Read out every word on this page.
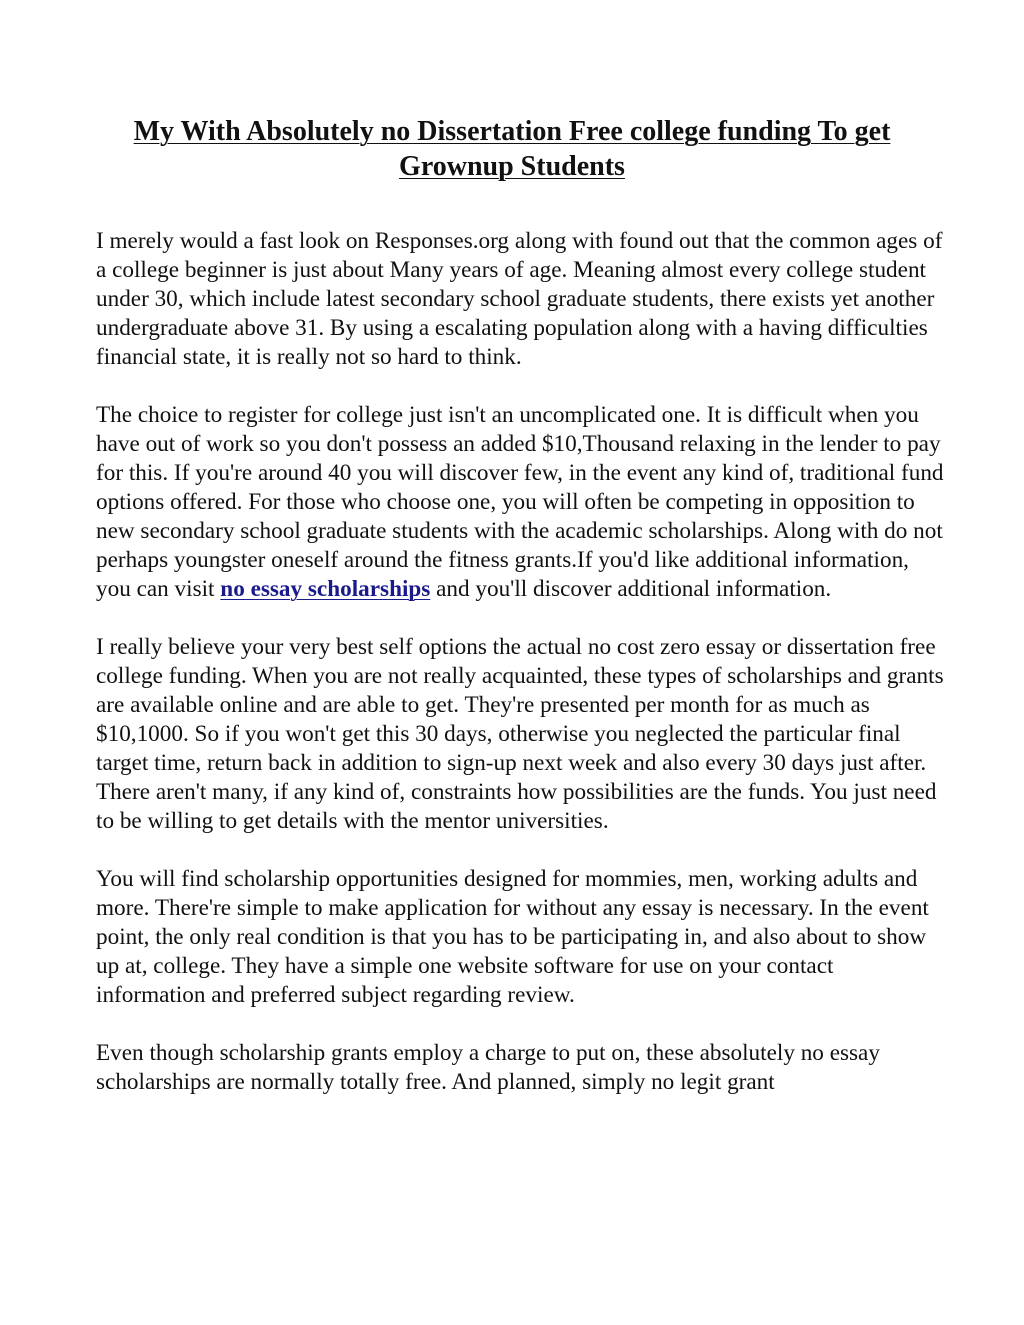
My With Absolutely no Dissertation Free college funding To get Grownup Students

I merely would a fast look on Responses.org along with found out that the common ages of a college beginner is just about Many years of age. Meaning almost every college student under 30, which include latest secondary school graduate students, there exists yet another undergraduate above 31. By using a escalating population along with a having difficulties financial state, it is really not so hard to think.

The choice to register for college just isn't an uncomplicated one. It is difficult when you have out of work so you don't possess an added $10,Thousand relaxing in the lender to pay for this. If you're around 40 you will discover few, in the event any kind of, traditional fund options offered. For those who choose one, you will often be competing in opposition to new secondary school graduate students with the academic scholarships. Along with do not perhaps youngster oneself around the fitness grants.If you'd like additional information, you can visit no essay scholarships and you'll discover additional information.

I really believe your very best self options the actual no cost zero essay or dissertation free college funding. When you are not really acquainted, these types of scholarships and grants are available online and are able to get. They're presented per month for as much as $10,1000. So if you won't get this 30 days, otherwise you neglected the particular final target time, return back in addition to sign-up next week and also every 30 days just after. There aren't many, if any kind of, constraints how possibilities are the funds. You just need to be willing to get details with the mentor universities.

You will find scholarship opportunities designed for mommies, men, working adults and more. There're simple to make application for without any essay is necessary. In the event point, the only real condition is that you has to be participating in, and also about to show up at, college. They have a simple one website software for use on your contact information and preferred subject regarding review.

Even though scholarship grants employ a charge to put on, these absolutely no essay scholarships are normally totally free. And planned, simply no legit grant
